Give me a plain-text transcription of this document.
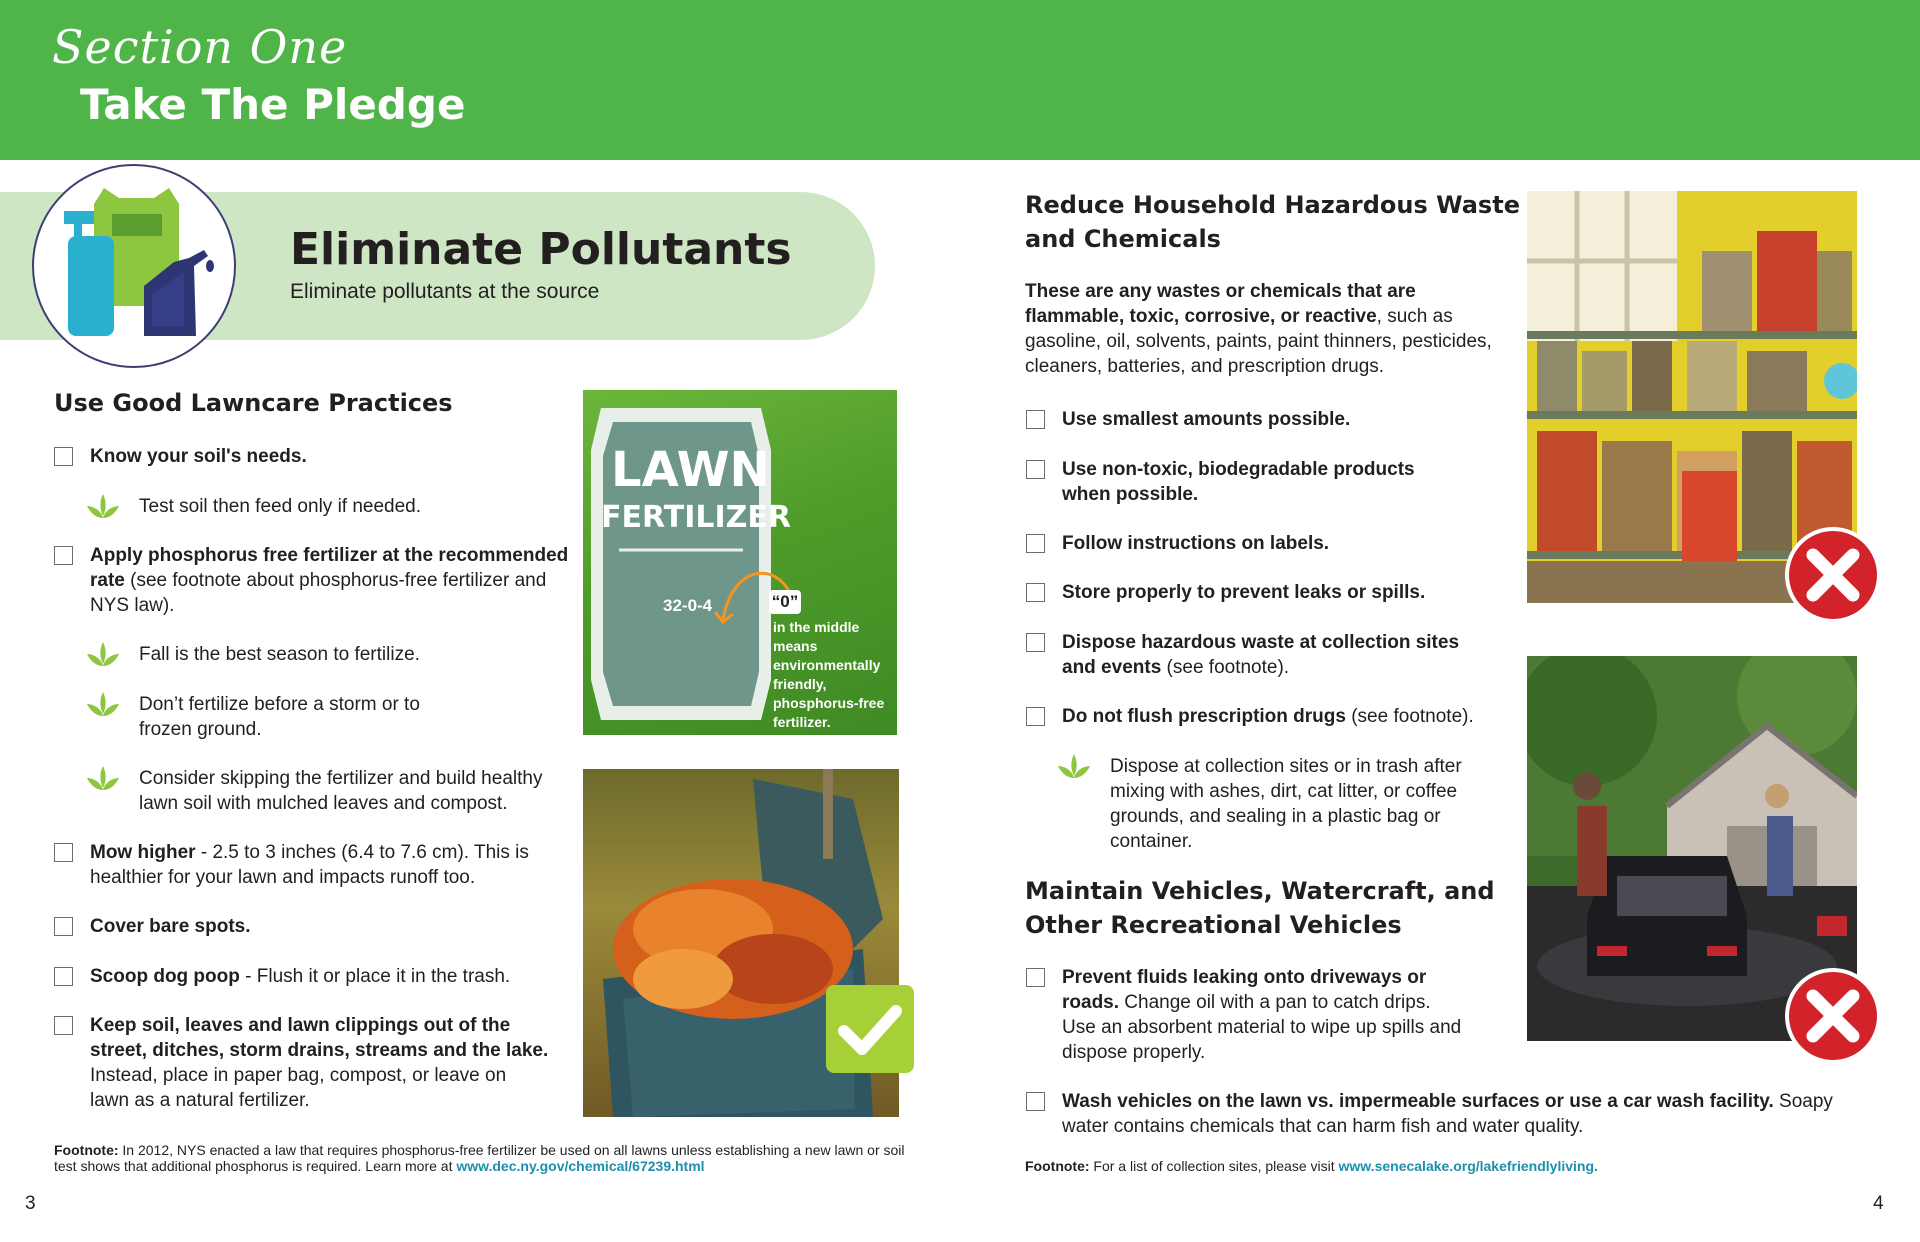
Section One
Take The Pledge
Eliminate Pollutants
Eliminate pollutants at the source
Use Good Lawncare Practices
Know your soil's needs.
Test soil then feed only if needed.
Apply phosphorus free fertilizer at the recommended rate (see footnote about phosphorus-free fertilizer and NYS law).
Fall is the best season to fertilize.
Don’t fertilize before a storm or to frozen ground.
Consider skipping the fertilizer and build healthy lawn soil with mulched leaves and compost.
Mow higher - 2.5 to 3 inches (6.4 to 7.6 cm). This is healthier for your lawn and impacts runoff too.
Cover bare spots.
Scoop dog poop - Flush it or place it in the trash.
Keep soil, leaves and lawn clippings out of the street, ditches, storm drains, streams and the lake. Instead, place in paper bag, compost, or leave on lawn as a natural fertilizer.
LAWN
FERTILIZER
32-0-4	“0”
in the middle means environmentally friendly, phosphorus-free fertilizer.
Footnote: In 2012, NYS enacted a law that requires phosphorus-free fertilizer be used on all lawns unless establishing a new lawn or soil test shows that additional phosphorus is required. Learn more at www.dec.ny.gov/chemical/67239.html
3
Reduce Household Hazardous Waste and Chemicals
These are any wastes or chemicals that are flammable, toxic, corrosive, or reactive, such as gasoline, oil, solvents, paints, paint thinners, pesticides, cleaners, batteries, and prescription drugs.
Use smallest amounts possible.
Use non-toxic, biodegradable products when possible.
Follow instructions on labels.
Store properly to prevent leaks or spills.
Dispose hazardous waste at collection sites and events (see footnote).
Do not flush prescription drugs (see footnote).
Dispose at collection sites or in trash after mixing with ashes, dirt, cat litter, or coffee grounds, and sealing in a plastic bag or container.
Maintain Vehicles, Watercraft, and Other Recreational Vehicles
Prevent fluids leaking onto driveways or roads. Change oil with a pan to catch drips. Use an absorbent material to wipe up spills and dispose properly.
Wash vehicles on the lawn vs. impermeable surfaces or use a car wash facility. Soapy water contains chemicals that can harm fish and water quality.
Footnote: For a list of collection sites, please visit www.senecalake.org/lakefriendlyliving.
4
